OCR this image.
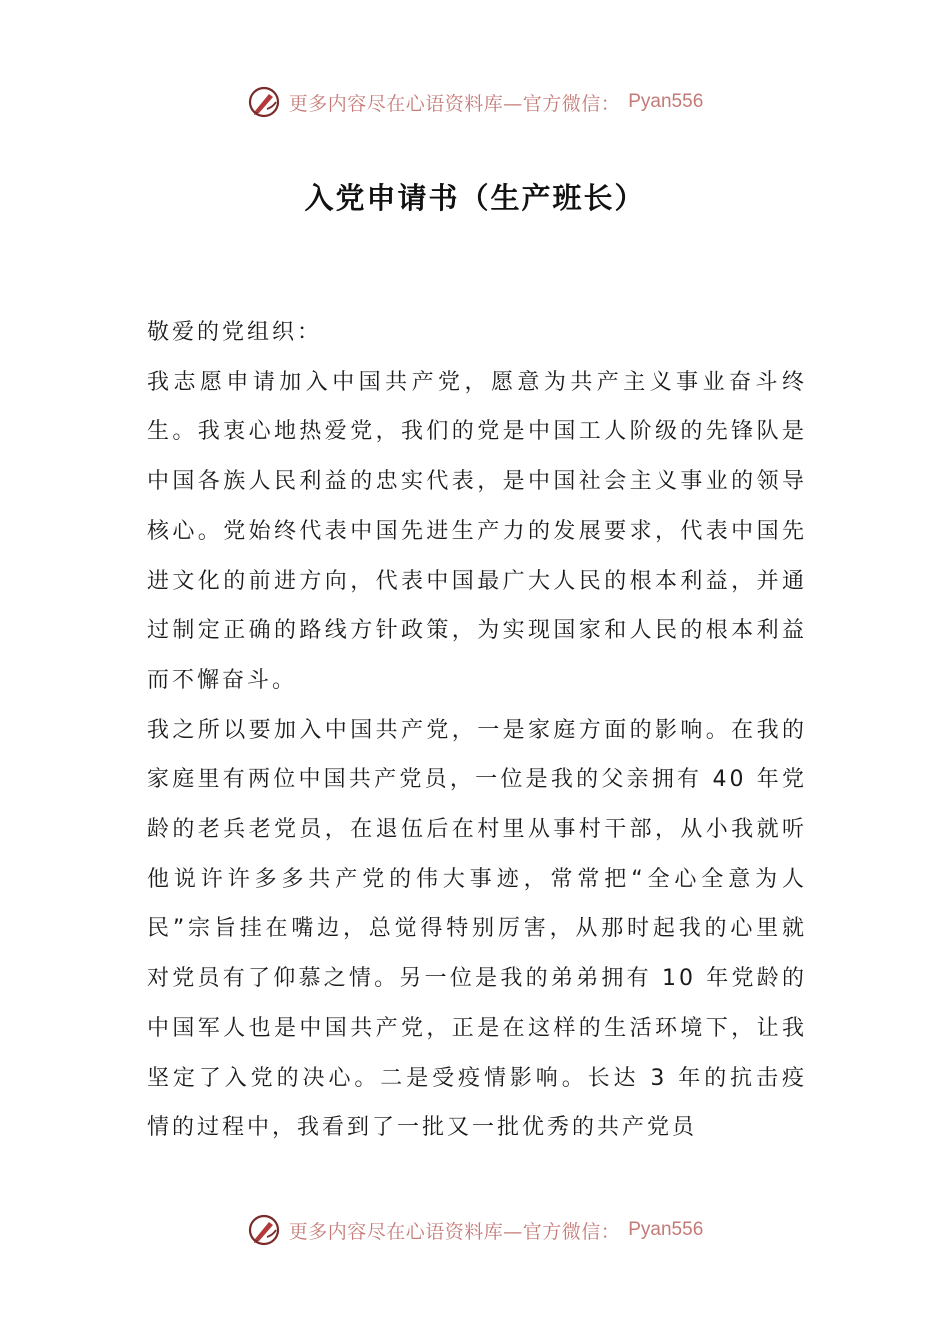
更多内容尽在心语资料库—官方微信： Pyan556
入党申请书（生产班长）

敬爱的党组织：

我志愿申请加入中国共产党，愿意为共产主义事业奋斗终生。我衷心地热爱党，我们的党是中国工人阶级的先锋队是中国各族人民利益的忠实代表，是中国社会主义事业的领导核心。党始终代表中国先进生产力的发展要求，代表中国先进文化的前进方向，代表中国最广大人民的根本利益，并通过制定正确的路线方针政策，为实现国家和人民的根本利益而不懈奋斗。

我之所以要加入中国共产党，一是家庭方面的影响。在我的家庭里有两位中国共产党员，一位是我的父亲拥有 40 年党龄的老兵老党员，在退伍后在村里从事村干部，从小我就听他说许许多多共产党的伟大事迹，常常把“全心全意为人民”宗旨挂在嘴边，总觉得特别厉害，从那时起我的心里就对党员有了仰慕之情。另一位是我的弟弟拥有 10 年党龄的中国军人也是中国共产党，正是在这样的生活环境下，让我坚定了入党的决心。二是受疫情影响。长达 3 年的抗击疫情的过程中，我看到了一批又一批优秀的共产党员

更多内容尽在心语资料库—官方微信： Pyan556
